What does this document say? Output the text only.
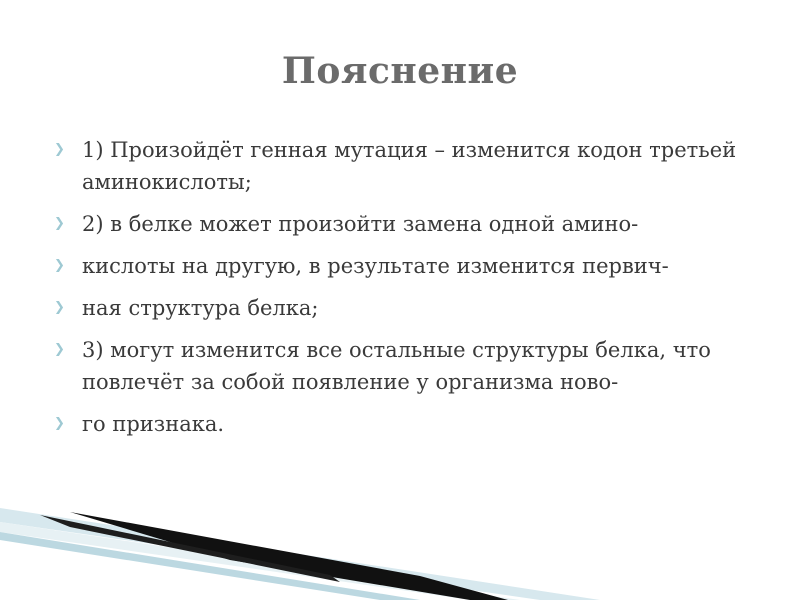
Пояснение
❯ 1) Произойдёт генная мутация – изменится кодон третьей аминокислоты;
❯ 2) в белке может произойти замена одной амино-
❯ кислоты на другую, в результате изменится первич-
❯ ная структура белка;
❯ 3) могут изменится все остальные структуры белка, что повлечёт за собой появление у организма ново-
❯ го признака.
